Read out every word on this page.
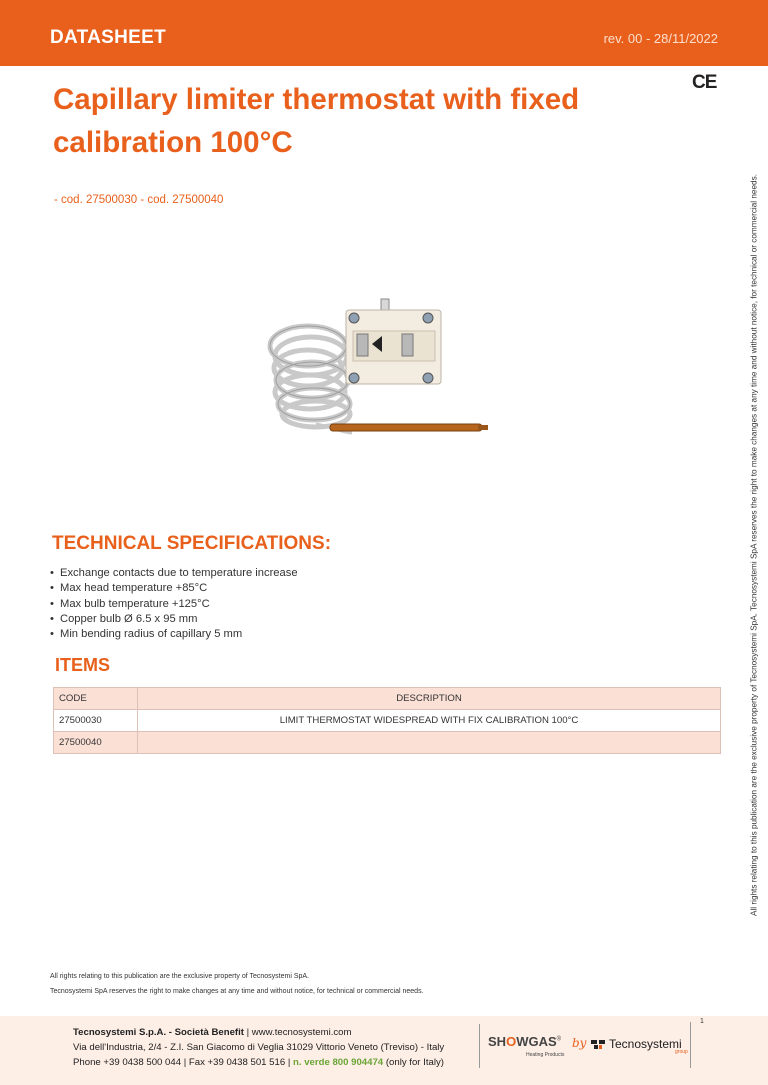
DATASHEET	rev. 00 - 28/11/2022
CE
Capillary limiter thermostat with fixed calibration 100°C
- cod. 27500030 - cod. 27500040	All rights relating to this publication are the exclusive property of Tecnosystemi SpA. Tecnosystemi SpA reserves the right to make changes at any time and without notice, for technical or commercial needs.
TECHNICAL SPECIFICATIONS:
• Exchange contacts due to temperature increase
• Max head temperature +85°C
• Max bulb temperature +125°C
• Copper bulb Ø 6.5 x 95 mm
• Min bending radius of capillary 5 mm
ITEMS
CODE	DESCRIPTION
27500030	LIMIT THERMOSTAT WIDESPREAD WITH FIX CALIBRATION 100°C
27500040	
All rights relating to this publication are the exclusive property of Tecnosystemi SpA.
Tecnosystemi SpA reserves the right to make changes at any time and without notice, for technical or commercial needs.
1
Tecnosystemi S.p.A. - Società Benefit | www.tecnosystemi.com
Via dell'Industria, 2/4 - Z.I. San Giacomo di Veglia 31029 Vittorio Veneto (Treviso) - Italy
Phone +39 0438 500 044 | Fax +39 0438 501 516 | n. verde 800 904474 (only for Italy)
SHOWGAS®
Heating Products
by	Tecnosystemi
group
